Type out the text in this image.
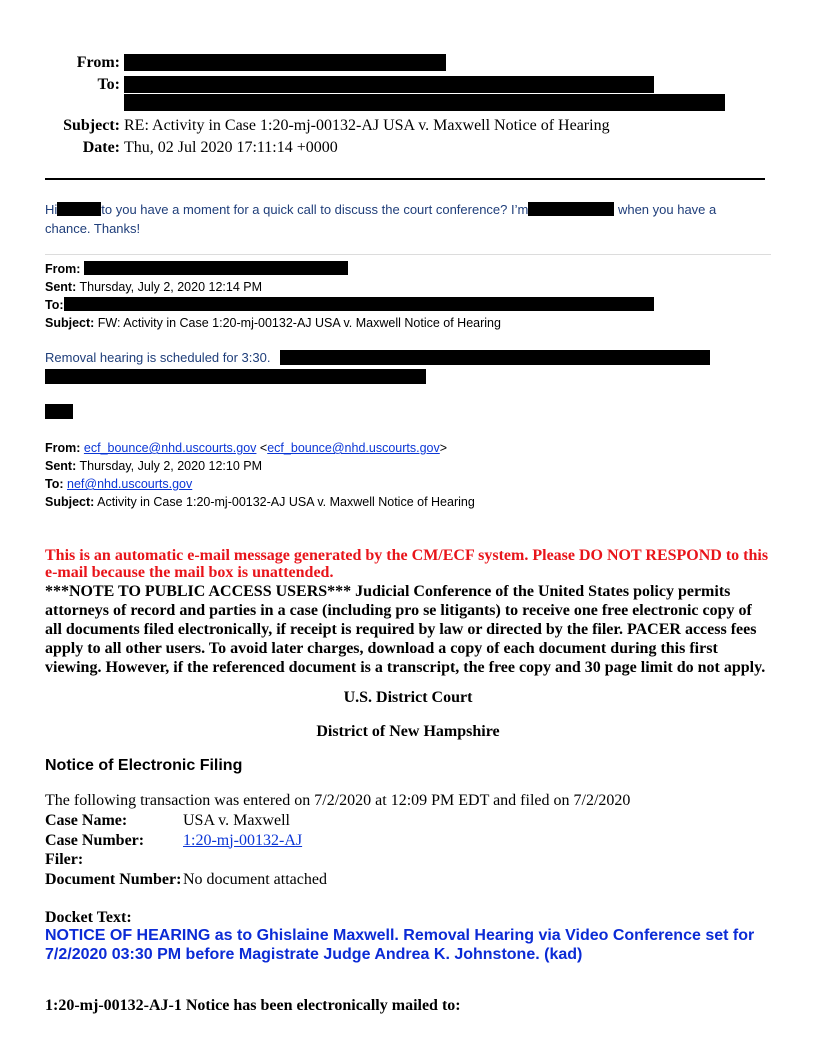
From:
To:
Subject: RE: Activity in Case 1:20-mj-00132-AJ USA v. Maxwell Notice of Hearing
Date: Thu, 02 Jul 2020 17:11:14 +0000
Hi	to you have a moment for a quick call to discuss the court conference? I’m	when you have a
chance. Thanks!
From:
Sent: Thursday, July 2, 2020 12:14 PM
To:
Subject: FW: Activity in Case 1:20-mj-00132-AJ USA v. Maxwell Notice of Hearing
Removal hearing is scheduled for 3:30.
From: ecf_bounce@nhd.uscourts.gov <ecf_bounce@nhd.uscourts.gov>
Sent: Thursday, July 2, 2020 12:10 PM
To: nef@nhd.uscourts.gov
Subject: Activity in Case 1:20-mj-00132-AJ USA v. Maxwell Notice of Hearing
This is an automatic e-mail message generated by the CM/ECF system. Please DO NOT RESPOND to this
e-mail because the mail box is unattended.
***NOTE TO PUBLIC ACCESS USERS*** Judicial Conference of the United States policy permits
attorneys of record and parties in a case (including pro se litigants) to receive one free electronic copy of
all documents filed electronically, if receipt is required by law or directed by the filer. PACER access fees
apply to all other users. To avoid later charges, download a copy of each document during this first
viewing. However, if the referenced document is a transcript, the free copy and 30 page limit do not apply.
U.S. District Court
District of New Hampshire
Notice of Electronic Filing
The following transaction was entered on 7/2/2020 at 12:09 PM EDT and filed on 7/2/2020
Case Name:	USA v. Maxwell
Case Number:	1:20-mj-00132-AJ
Filer:	
Document Number:	No document attached
Docket Text:
NOTICE OF HEARING as to Ghislaine Maxwell. Removal Hearing via Video Conference set for
7/2/2020 03:30 PM before Magistrate Judge Andrea K. Johnstone. (kad)
1:20-mj-00132-AJ-1 Notice has been electronically mailed to:
